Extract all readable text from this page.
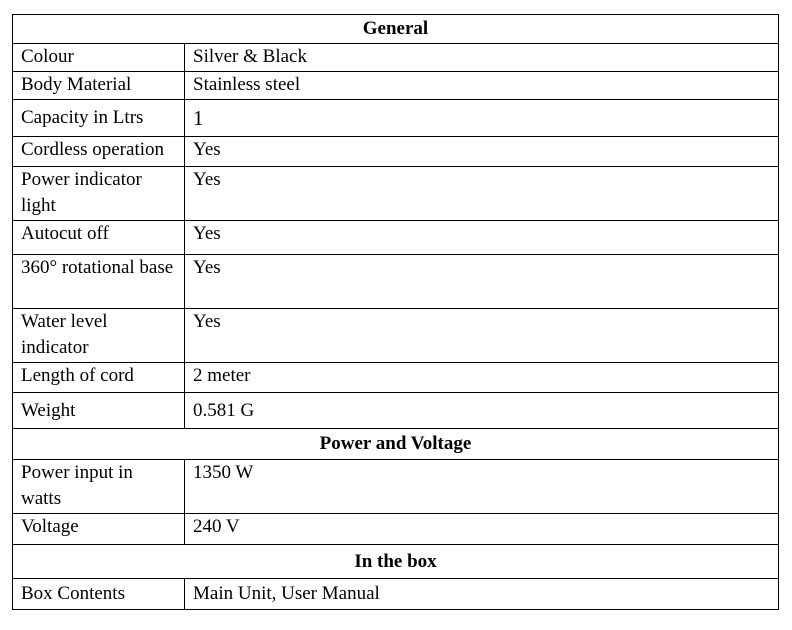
General	
Colour	Silver & Black
Body Material	Stainless steel
Capacity in Ltrs	1
Cordless operation	Yes
Power indicator light	Yes
Autocut off	Yes
360° rotational base	Yes
Water level indicator	Yes
Length of cord	2 meter
Weight	0.581 G
Power and Voltage	
Power input in watts	1350 W
Voltage	240 V
In the box	
Box Contents	Main Unit, User Manual
